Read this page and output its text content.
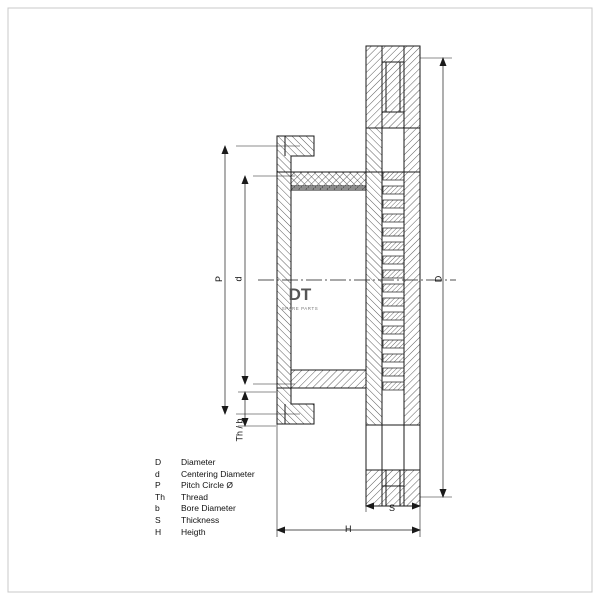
DT
SPARE PARTS
P d
Th / b
D
S
H
D	Diameter
d	Centering Diameter
P	Pitch Circle Ø
Th	Thread
b	Bore Diameter
S	Thickness
H	Heigth
